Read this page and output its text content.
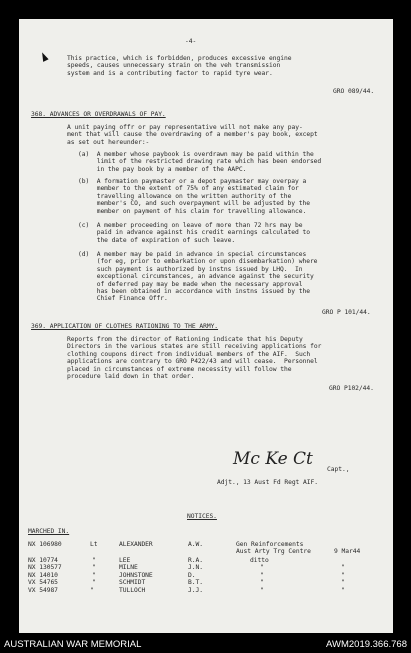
-4-
This practice, which is forbidden, produces excessive engine
speeds, causes unnecessary strain on the veh transmission
system and is a contributing factor to rapid tyre wear.
GRO 089/44.
368. ADVANCES OR OVERDRAWALS OF PAY.
A unit paying offr or pay representative will not make any pay-
ment that will cause the overdrawing of a member's pay book, except
as set out hereunder:-
(a)  A member whose paybook is overdrawn may be paid within the
limit of the restricted drawing rate which has been endorsed
in the pay book by a member of the AAPC.
(b)  A formation paymaster or a depot paymaster may overpay a
member to the extent of 75% of any estimated claim for
travelling allowance on the written authority of the
member's CO, and such overpayment will be adjusted by the
member on payment of his claim for travelling allowance.
(c)  A member proceeding on leave of more than 72 hrs may be
paid in advance against his credit earnings calculated to
the date of expiration of such leave.
(d)  A member may be paid in advance in special circumstances
(for eg, prior to embarkation or upon disembarkation) where
such payment is authorized by instns issued by LHQ.  In
exceptional circumstances, an advance against the security
of deferred pay may be made when the necessary approval
has been obtained in accordance with instns issued by the
Chief Finance Offr.
GRO P 101/44.
369. APPLICATION OF CLOTHES RATIONING TO THE ARMY.
Reports from the director of Rationing indicate that his Deputy
Directors in the various states are still receiving applications for
clothing coupons direct from individual members of the AIF.  Such
applications are contrary to GRO P422/43 and will cease.  Personnel
placed in circumstances of extreme necessity will follow the
procedure laid down in that order.
GRO P102/44.
Mc Ke Ct
Capt.,
Adjt., 13 Aust Fd Regt AIF.
NOTICES.
MARCHED IN.
NX 106980	Lt	ALEXANDER	A.W.	Gen Reinforcements
Aust Arty Trg Centre	9 Mar44
NX 10774	"	LEE	R.A.	ditto
NX 130577	"	MILNE	J.N.	"	"
NX 14010	"	JOHNSTONE	D.	"	"
VX 54765	"	SCHMIDT	B.T.	"	"
VX 54987	"	TULLOCH	J.J.	"	"
AUSTRALIAN WAR MEMORIAL	AWM2019.366.768
